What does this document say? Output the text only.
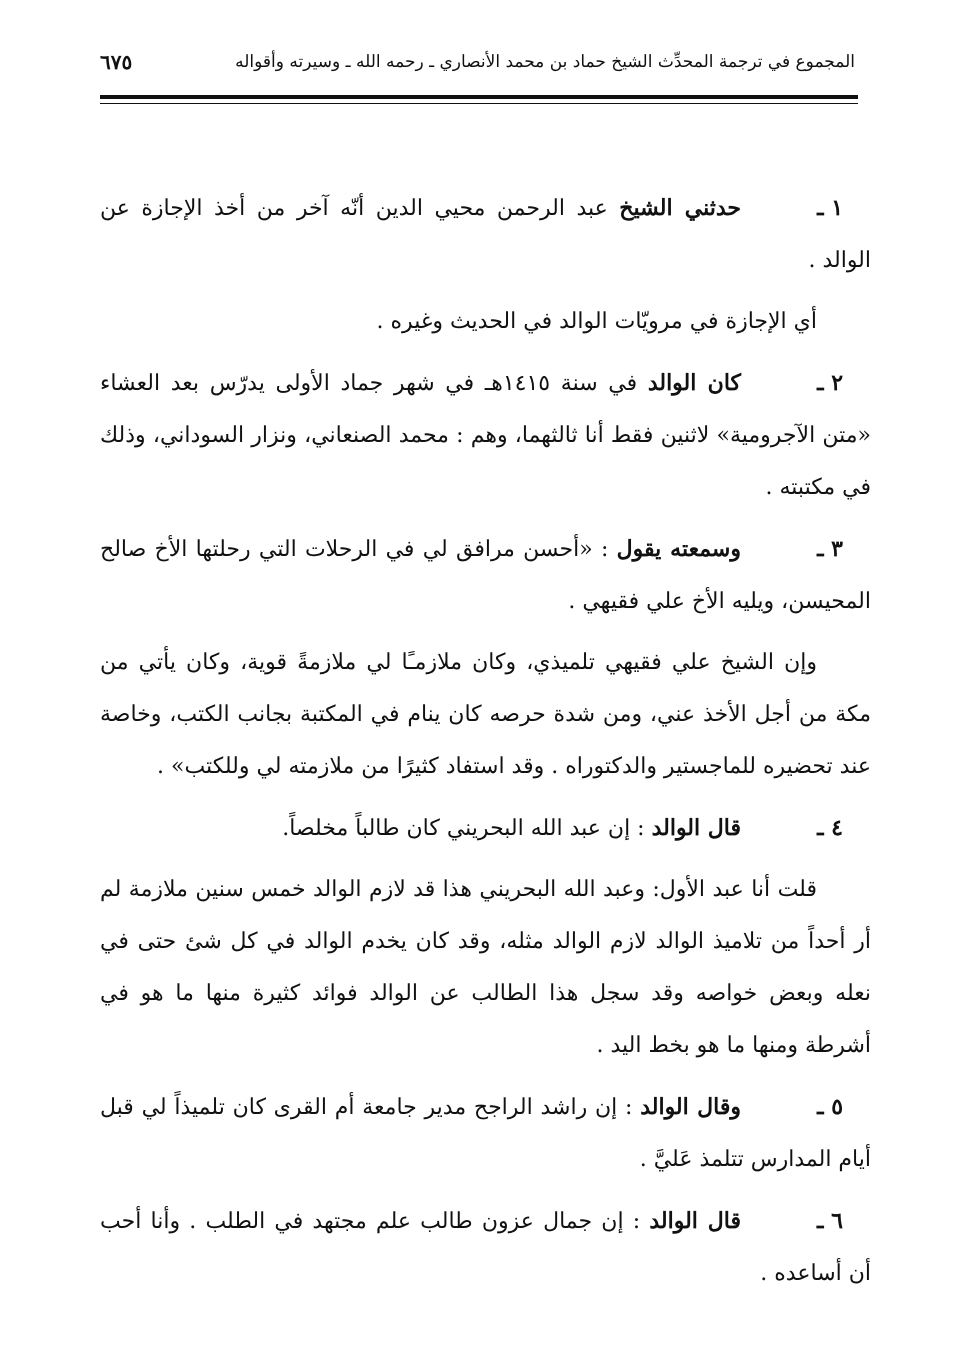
المجموع في ترجمة المحدِّث الشيخ حماد بن محمد الأنصاري ـ رحمه الله ـ وسيرته وأقواله
٦٧٥

١ ـحدثني الشيخ عبد الرحمن محيي الدين أنّه آخر من أخذ الإجازة عن الوالد .

أي الإجازة في مرويّات الوالد في الحديث وغيره .

٢ ـكان الوالد في سنة ١٤١٥هـ في شهر جماد الأولى يدرّس بعد العشاء «متن الآجرومية» لاثنين فقط أنا ثالثهما، وهم : محمد الصنعاني، ونزار السوداني، وذلك في مكتبته .

٣ ـوسمعته يقول : «أحسن مرافق لي في الرحلات التي رحلتها الأخ صالح المحيسن، ويليه الأخ علي فقيهي .

وإن الشيخ علي فقيهي تلميذي، وكان ملازمـًا لي ملازمةً قوية، وكان يأتي من مكة من أجل الأخذ عني، ومن شدة حرصه كان ينام في المكتبة بجانب الكتب، وخاصة عند تحضيره للماجستير والدكتوراه . وقد استفاد كثيرًا من ملازمته لي وللكتب» .

٤ ـقال الوالد : إن عبد الله البحريني كان طالباً مخلصاً.

قلت أنا عبد الأول: وعبد الله البحريني هذا قد لازم الوالد خمس سنين ملازمة لم أر أحداً من تلاميذ الوالد لازم الوالد مثله، وقد كان يخدم الوالد في كل شئ حتى في نعله وبعض خواصه وقد سجل هذا الطالب عن الوالد فوائد كثيرة منها ما هو في أشرطة ومنها ما هو بخط اليد .

٥ ـوقال الوالد : إن راشد الراجح مدير جامعة أم القرى كان تلميذاً لي قبل أيام المدارس تتلمذ عَليَّ .

٦ ـقال الوالد : إن جمال عزون طالب علم مجتهد في الطلب . وأنا أحب أن أساعده .
